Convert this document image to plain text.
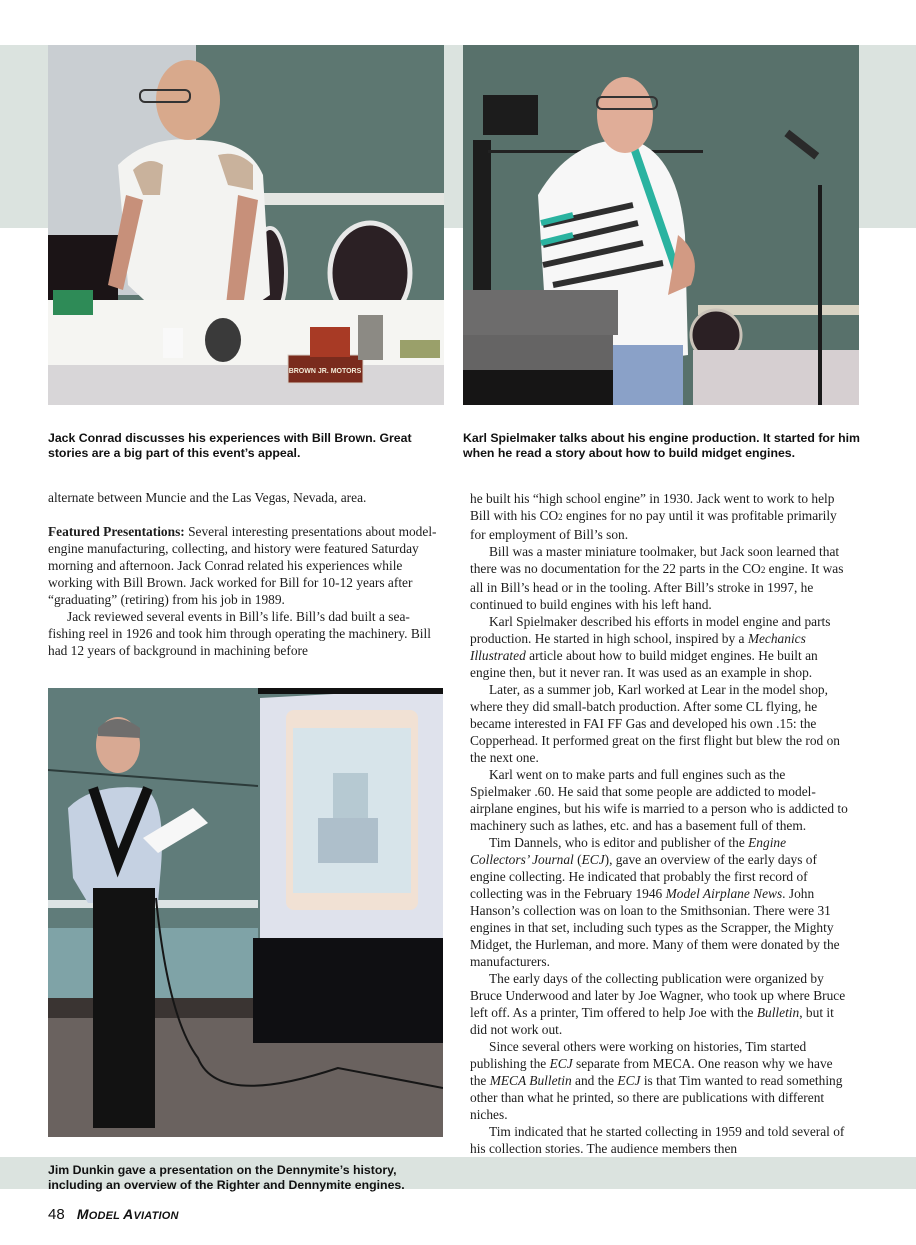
BROWN JR. MOTORS
Jack Conrad discusses his experiences with Bill Brown. Great stories are a big part of this event’s appeal.
Karl Spielmaker talks about his engine production. It started for him when he read a story about how to build midget engines.

alternate between Muncie and the Las Vegas, Nevada, area.

Featured Presentations: Several interesting presentations about model-engine manufacturing, collecting, and history were featured Saturday morning and afternoon. Jack Conrad related his experiences while working with Bill Brown. Jack worked for Bill for 10-12 years after “graduating” (retiring) from his job in 1989.

Jack reviewed several events in Bill’s life. Bill’s dad built a sea-fishing reel in 1926 and took him through operating the machinery. Bill had 12 years of background in machining before

Jim Dunkin gave a presentation on the Dennymite’s history, including an overview of the Righter and Dennymite engines.

he built his “high school engine” in 1930. Jack went to work to help Bill with his CO2 engines for no pay until it was profitable primarily for employment of Bill’s son.

Bill was a master miniature toolmaker, but Jack soon learned that there was no documentation for the 22 parts in the CO2 engine. It was all in Bill’s head or in the tooling. After Bill’s stroke in 1997, he continued to build engines with his left hand.

Karl Spielmaker described his efforts in model engine and parts production. He started in high school, inspired by a Mechanics Illustrated article about how to build midget engines. He built an engine then, but it never ran. It was used as an example in shop.

Later, as a summer job, Karl worked at Lear in the model shop, where they did small-batch production. After some CL flying, he became interested in FAI FF Gas and developed his own .15: the Copperhead. It performed great on the first flight but blew the rod on the next one.

Karl went on to make parts and full engines such as the Spielmaker .60. He said that some people are addicted to model-airplane engines, but his wife is married to a person who is addicted to machinery such as lathes, etc. and has a basement full of them.

Tim Dannels, who is editor and publisher of the Engine Collectors’ Journal (ECJ), gave an overview of the early days of engine collecting. He indicated that probably the first record of collecting was in the February 1946 Model Airplane News. John Hanson’s collection was on loan to the Smithsonian. There were 31 engines in that set, including such types as the Scrapper, the Mighty Midget, the Hurleman, and more. Many of them were donated by the manufacturers.

The early days of the collecting publication were organized by Bruce Underwood and later by Joe Wagner, who took up where Bruce left off. As a printer, Tim offered to help Joe with the Bulletin, but it did not work out.

Since several others were working on histories, Tim started publishing the ECJ separate from MECA. One reason why we have the MECA Bulletin and the ECJ is that Tim wanted to read something other than what he printed, so there are publications with different niches.

Tim indicated that he started collecting in 1959 and told several of his collection stories. The audience members then

48 MODEL AVIATION
